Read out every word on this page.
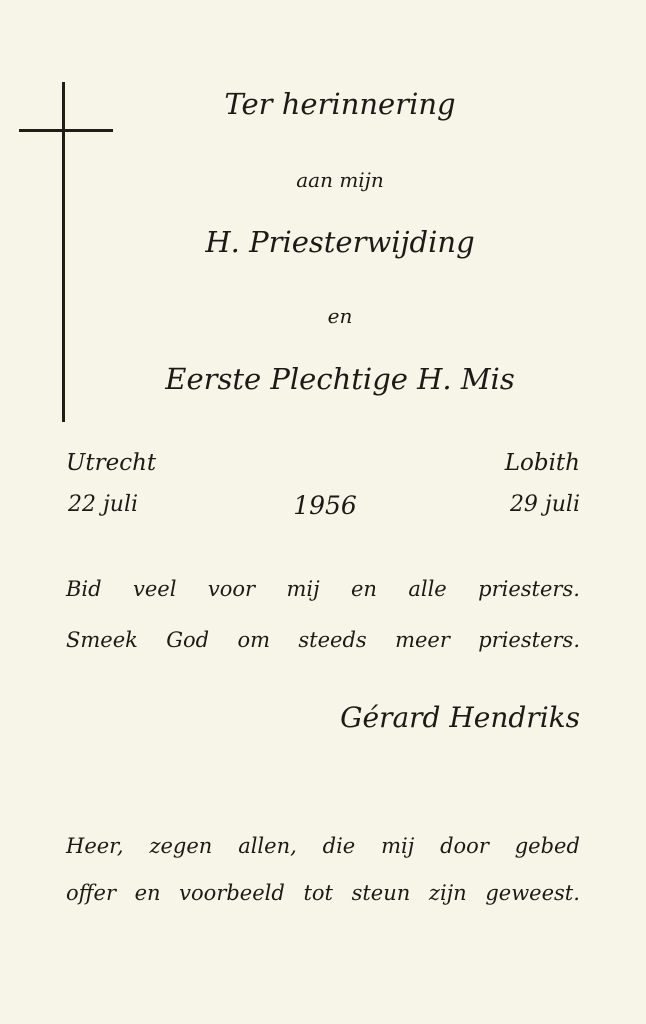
Ter herinnering
aan mijn
H. Priesterwijding
en
Eerste Plechtige H. Mis
Utrecht	Lobith
22 juli	1956	29 juli
Bid veel voor mij en alle priesters.
Smeek God om steeds meer priesters.
Gérard Hendriks
Heer, zegen allen, die mij door gebed
offer en voorbeeld tot steun zijn geweest.
